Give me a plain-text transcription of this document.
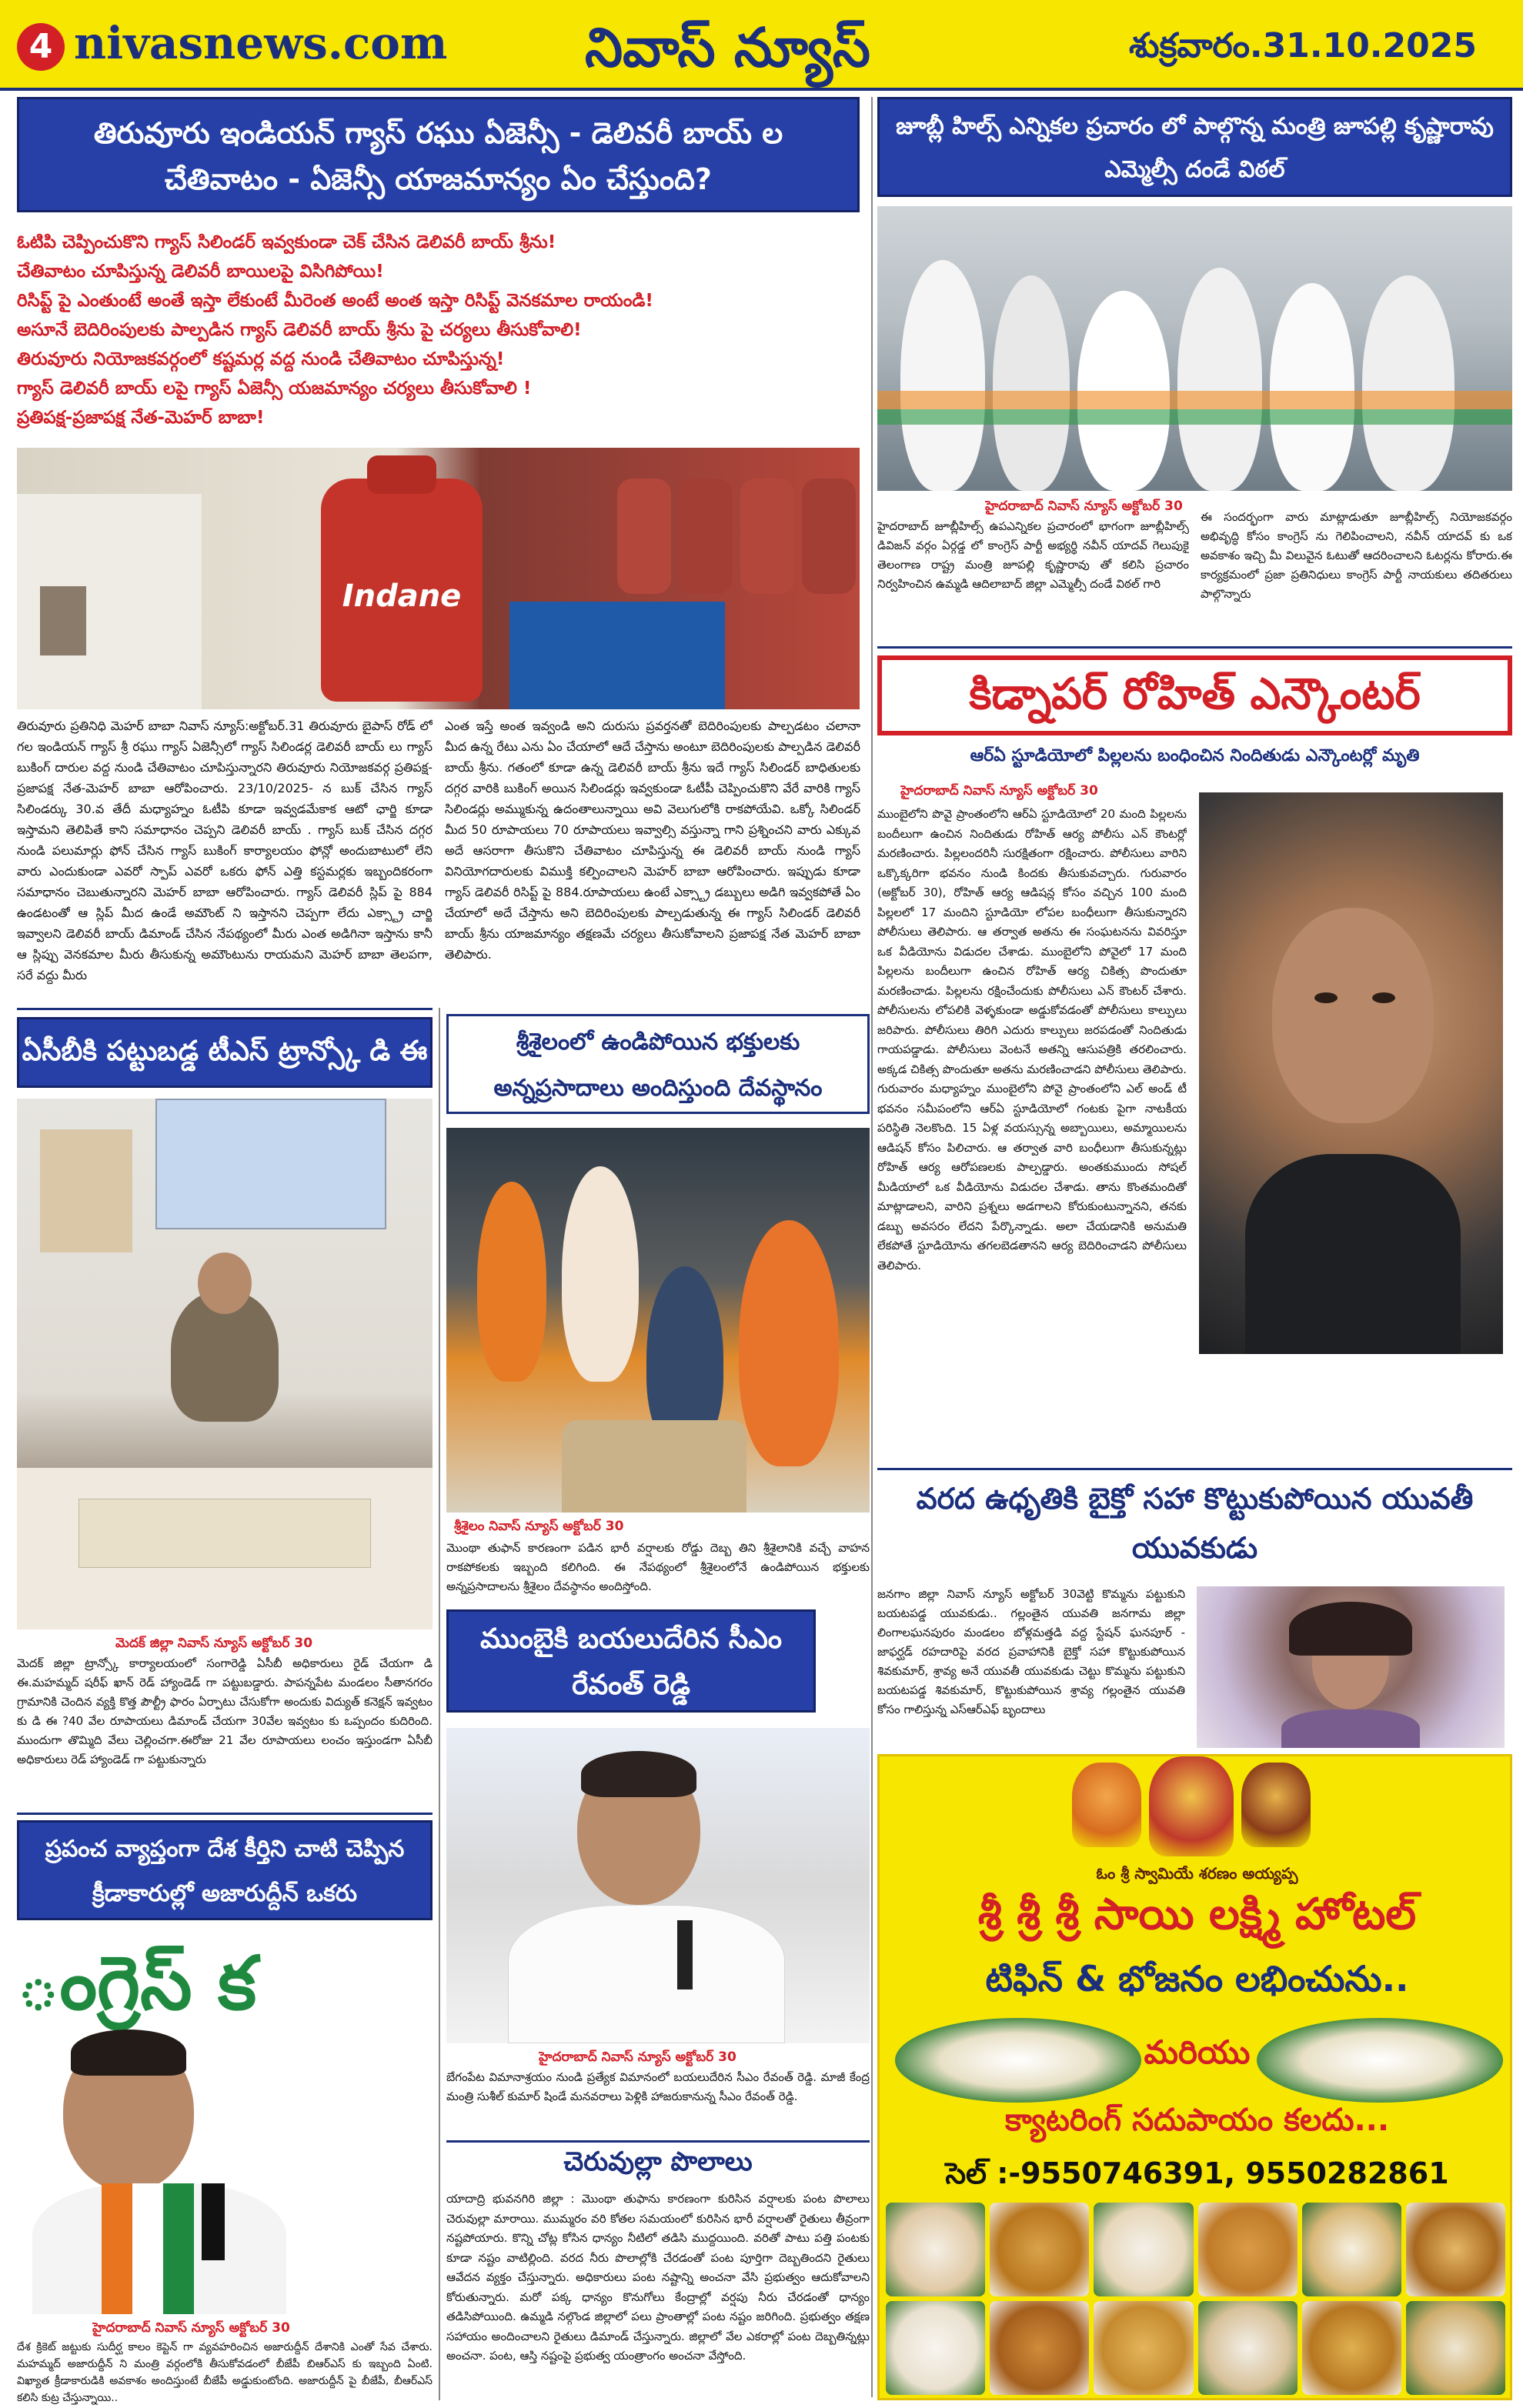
4 nivasnews.com	నివాస్ న్యూస్	శుక్రవారం.31.10.2025
తిరువూరు ఇండియన్ గ్యాస్ రఘు ఏజెన్సీ - డెలివరీ బాయ్ ల చేతివాటం - ఏజెన్సీ యాజమాన్యం ఏం చేస్తుంది?
ఓటిపి చెప్పించుకొని గ్యాస్ సిలిండర్ ఇవ్వకుండా చెక్ చేసిన డెలివరీ బాయ్ శ్రీను!
చేతివాటం చూపిస్తున్న డెలివరీ బాయిలపై విసిగిపోయి!
రిసిప్ట్ పై ఎంతుంటే అంతే ఇస్తా లేకుంటే మీరెంత అంటే అంత ఇస్తా రిసిప్ట్ వెనకమాల రాయండి!
అసూనే బెదిరింపులకు పాల్పడిన గ్యాస్ డెలివరీ బాయ్ శ్రీను పై చర్యలు తీసుకోవాలి!
తిరువూరు నియోజకవర్గంలో కష్టమర్ల వద్ద నుండి చేతివాటం చూపిస్తున్న!
గ్యాస్ డెలివరీ బాయ్ లపై గ్యాస్ ఏజెన్సీ యజమాన్యం చర్యలు తీసుకోవాలి !
ప్రతిపక్ష-ప్రజాపక్ష నేత-మెహర్ బాబా!
Indane
తిరువూరు ప్రతినిధి మెహర్ బాబా నివాస్ న్యూస్:అక్టోబర్.31 తిరువూరు బైపాస్ రోడ్ లో గల ఇండియన్ గ్యాస్ శ్రీ రఘు గ్యాస్ ఏజెన్సీలో గ్యాస్ సిలిండర్ల డెలివరీ బాయ్ లు గ్యాస్ బుకింగ్ దారుల వద్ద నుండి చేతివాటం చూపిస్తున్నారని తిరువూరు నియోజకవర్గ ప్రతిపక్ష-ప్రజాపక్ష నేత-మెహర్ బాబా ఆరోపించారు. 23/10/2025- న బుక్ చేసిన గ్యాస్ సిలిండర్కు 30.వ తేదీ మధ్యాహ్నం ఓటీపి కూడా ఇవ్వడమేకాక ఆటో ఛార్జి కూడా ఇస్తామని తెలిపితే కాని సమాధానం చెప్పని డెలివరీ బాయ్ . గ్యాస్ బుక్ చేసిన దగ్గర నుండి పలుమార్లు ఫోన్ చేసిన గ్యాస్ బుకింగ్ కార్యాలయం ఫోన్లో అందుబాటులో లేని వారు ఎందుకుండా ఎవరో స్పాప్ ఎవరో ఒకరు ఫోన్ ఎత్తి కస్టమర్లకు ఇబ్బందికరంగా సమాధానం చెబుతున్నారని మెహర్ బాబా ఆరోపించారు. గ్యాస్ డెలివరీ స్లిప్ పై 884 ఉండటంతో ఆ స్లిప్ మీద ఉండే అమౌంట్ ని ఇస్తానని చెప్పగా లేదు ఎక్స్ట్రా చార్జి ఇవ్వాలని డెలివరీ బాయ్ డిమాండ్ చేసిన నేపథ్యంలో మీరు ఎంత అడిగినా ఇస్తాను కానీ ఆ స్లిప్పు వెనకమాల మీరు తీసుకున్న అమౌంటును రాయమని మెహర్ బాబా తెలపగా, సరే వద్దు మీరు
ఎంత ఇస్తే అంత ఇవ్వండి అని దురుసు ప్రవర్తనతో బెదిరింపులకు పాల్పడటం చలానా మీద ఉన్న రేటు ఎను ఏం చేయాలో ఆదే చేస్తాను అంటూ బెదిరింపులకు పాల్పడిన డెలివరీ బాయ్ శ్రీను. గతంలో కూడా ఉన్న డెలివరీ బాయ్ శ్రీను ఇదే గ్యాస్ సిలిండర్ బాధితులకు దగ్గర వారికి బుకింగ్ అయిన సిలిండర్లు ఇవ్వకుండా ఓటీపీ చెప్పించుకొని వేరే వారికి గ్యాస్ సిలిండర్లు అమ్ముకున్న ఉదంతాలున్నాయి అవి వెలుగులోకి రాకపోయేవి. ఒక్కో సిలిండర్ మీద 50 రూపాయలు 70 రూపాయలు ఇవ్వాల్సి వస్తున్నా గాని ప్రశ్నించని వారు ఎక్కువ అదే ఆసరాగా తీసుకొని చేతివాటం చూపిస్తున్న ఈ డెలివరీ బాయ్ నుండి గ్యాస్ వినియోగదారులకు విముక్తి కల్పించాలని మెహర్ బాబా ఆరోపించారు. ఇప్పుడు కూడా గ్యాస్ డెలివరీ రిసిప్ట్ పై 884.రూపాయలు ఉంటే ఎక్స్ట్రా డబ్బులు అడిగి ఇవ్వకపోతే ఏం చేయాలో అదే చేస్తాను అని బెదిరింపులకు పాల్పడుతున్న ఈ గ్యాస్ సిలిండర్ డెలివరీ బాయ్ శ్రీను యాజమాన్యం తక్షణమే చర్యలు తీసుకోవాలని ప్రజాపక్ష నేత మెహర్ బాబా తెలిపారు.
జూబ్లీ హిల్స్ ఎన్నికల ప్రచారం లో పాల్గొన్న మంత్రి జూపల్లి కృష్ణారావు ఎమ్మెల్సీ దండే విఠల్
హైదరాబాద్ నివాస్ న్యూస్ అక్టోబర్ 30
హైదరాబాద్ జూబ్లీహిల్స్ ఉపఎన్నికల ప్రచారంలో భాగంగా జూబ్లీహిల్స్ డివిజన్ వర్గం ఏర్గడ్డ లో కాంగ్రెస్ పార్టీ అభ్యర్థి నవీన్ యాదవ్ గెలుపుకై తెలంగాణ రాష్ట్ర మంత్రి జూపల్లి కృష్ణారావు తో కలిసి ప్రచారం నిర్వహించిన ఉమ్మడి ఆదిలాబాద్ జిల్లా ఎమ్మెల్సీ దండే విఠల్ గారి
ఈ సందర్భంగా వారు మాట్లాడుతూ జూబ్లీహిల్స్ నియోజకవర్గం అభివృద్ధి కోసం కాంగ్రెస్ ను గెలిపించాలని, నవీన్ యాదవ్ కు ఒక అవకాశం ఇచ్చి మీ విలువైన ఓటుతో ఆదరించాలని ఓటర్లను కోరారు.ఈ కార్యక్రమంలో ప్రజా ప్రతినిధులు కాంగ్రెస్ పార్టీ నాయకులు తదితరులు పాల్గొన్నారు
కిడ్నాపర్ రోహిత్ ఎన్కౌంటర్
ఆర్ఏ స్టూడియోలో పిల్లలను బంధించిన నిందితుడు ఎన్కౌంటర్లో మృతి
హైదరాబాద్ నివాస్ న్యూస్ అక్టోబర్ 30
ముంబైలోని పొవై ప్రాంతంలోని ఆర్ఏ స్టూడియోలో 20 మంది పిల్లలను బందీలుగా ఉంచిన నిందితుడు రోహిత్ ఆర్య పోలీసు ఎన్ కౌంటర్లో మరణించారు. పిల్లలందరినీ సురక్షితంగా రక్షించారు. పోలీసులు వారిని ఒక్కొక్కరిగా భవనం నుండి కిందకు తీసుకువచ్చారు. గురువారం (అక్టోబర్ 30), రోహిత్ ఆర్య ఆడిషన్ల కోసం వచ్చిన 100 మంది పిల్లలలో 17 మందిని స్టూడియో లోపల బంధీలుగా తీసుకున్నారని పోలీసులు తెలిపారు. ఆ తర్వాత అతను ఈ సంఘటనను వివరిస్తూ ఒక వీడియోను విడుదల చేశాడు. ముంబైలోని పోవైలో 17 మంది పిల్లలను బందీలుగా ఉంచిన రోహిత్ ఆర్య చికిత్స పొందుతూ మరణించాడు. పిల్లలను రక్షించేందుకు పోలీసులు ఎన్ కౌంటర్ చేశారు. పోలీసులను లోపలికి వెళ్ళకుండా అడ్డుకోవడంతో పోలీసులు కాల్పులు జరిపారు. పోలీసులు తిరిగి ఎదురు కాల్పులు జరపడంతో నిందితుడు గాయపడ్డాడు. పోలీసులు వెంటనే అతన్ని ఆసుపత్రికి తరలించారు. అక్కడ చికిత్స పొందుతూ అతను మరణించాడని పోలీసులు తెలిపారు. గురువారం మధ్యాహ్నం ముంబైలోని పోవై ప్రాంతంలోని ఎల్ అండ్ టీ భవనం సమీపంలోని ఆర్ఏ స్టూడియోలో గంటకు పైగా నాటకీయ పరిస్థితి నెలకొంది. 15 ఏళ్ల వయస్సున్న అబ్బాయిలు, అమ్మాయిలను ఆడిషన్ కోసం పిలిచారు. ఆ తర్వాత వారి బంధీలుగా తీసుకున్నట్లు రోహిత్ ఆర్య ఆరోపణలకు పాల్పడ్డారు. అంతకుముందు సోషల్ మీడియాలో ఒక వీడియోను విడుదల చేశాడు. తాను కొంతమందితో మాట్లాడాలని, వారిని ప్రశ్నలు అడగాలని కోరుకుంటున్నానని, తనకు డబ్బు అవసరం లేదని పేర్కొన్నాడు. అలా చేయడానికి అనుమతి లేకపోతే స్టూడియోను తగలబెడతానని ఆర్య బెదిరించాడని పోలీసులు తెలిపారు.
వరద ఉధృతికి బైక్తో సహా కొట్టుకుపోయిన యువతీ యువకుడు
జనగాం జిల్లా నివాస్ న్యూస్ అక్టోబర్ 30వెట్టి కొమ్మను పట్టుకుని బయటపడ్డ యువకుడు.. గల్లంతైన యువతి జనగామ జిల్లా లింగాలఘనపురం మండలం బోళ్లమత్తడి వద్ద స్టేషన్ ఘనపూర్ - జాఫర్ఘడ్ రహదారిపై వరద ప్రవాహానికి బైక్తో సహా కొట్టుకుపోయిన శివకుమార్, శ్రావ్య అనే యువతీ యువకుడు చెట్టు కొమ్మను పట్టుకుని బయటపడ్డ శివకుమార్, కొట్టుకుపోయిన శ్రావ్య గల్లంతైన యువతి కోసం గాలిస్తున్న ఎస్ఆర్ఎఫ్ బృందాలు
ఏసీబీకి పట్టుబడ్డ టీఎస్ ట్రాన్స్కో డి ఈ
మెదక్ జిల్లా నివాస్ న్యూస్ అక్టోబర్ 30
మెదక్ జిల్లా ట్రాన్స్కో కార్యాలయంలో సంగారెడ్డి ఏసీబీ అధికారులు రైడ్ చేయగా డి ఈ.మహమ్మద్ షరీఫ్ ఖాన్ రెడ్ హ్యాండెడ్ గా పట్టుబడ్డారు. పాపన్నపేట మండలం సీతానగరం గ్రామానికి చెందిన వ్యక్తి కొత్త పౌల్ట్రీ ఫారం ఏర్పాటు చేసుకోగా అందుకు విద్యుత్ కనెక్షన్ ఇవ్వటం కు డి ఈ ?40 వేల రూపాయలు డిమాండ్ చేయగా 30వేల ఇవ్వటం కు ఒప్పందం కుదిరింది. ముందుగా తొమ్మిది వేలు చెల్లించగా.ఈరోజు 21 వేల రూపాయలు లంచం ఇస్తుండగా ఏసీబీ అధికారులు రెడ్ హ్యాండెడ్ గా పట్టుకున్నారు
శ్రీశైలంలో ఉండిపోయిన భక్తులకు అన్నప్రసాదాలు అందిస్తుంది దేవస్థానం
శ్రీశైలం నివాస్ న్యూస్ అక్టోబర్ 30
మొంథా తుఫాన్ కారణంగా పడిన భారీ వర్షాలకు రోడ్డు దెబ్బ తిని శ్రీశైలానికి వచ్చే వాహన రాకపోకలకు ఇబ్బంది కలిగింది. ఈ నేపథ్యంలో శ్రీశైలంలోనే ఉండిపోయిన భక్తులకు అన్నప్రసాదాలను శ్రీశైలం దేవస్థానం అందిస్తోంది.
ముంబైకి బయలుదేరిన సీఎం రేవంత్ రెడ్డి
హైదరాబాద్ నివాస్ న్యూస్ అక్టోబర్ 30
బేగంపేట విమానాశ్రయం నుండి ప్రత్యేక విమానంలో బయలుదేరిన సీఎం రేవంత్ రెడ్డి. మాజీ కేంద్ర మంత్రి సుశీల్ కుమార్ షిండే మనవరాలు పెళ్లికి హాజరుకానున్న సీఎం రేవంత్ రెడ్డి.
చెరువుల్లా పొలాలు
యాదాద్రి భువనగిరి జిల్లా : మొంథా తుఫాను కారణంగా కురిసిన వర్షాలకు పంట పొలాలు చెరువుల్లా మారాయి. ముమ్మరం వరి కోతల సమయంలో కురిసిన భారీ వర్షాలతో రైతులు తీవ్రంగా నష్టపోయారు. కొన్ని చోట్ల కోసిన ధాన్యం నీటిలో తడిసి ముద్దయింది. వరితో పాటు పత్తి పంటకు కూడా నష్టం వాటిల్లింది. వరద నీరు పొలాల్లోకి చేరడంతో పంట పూర్తిగా దెబ్బతిందని రైతులు ఆవేదన వ్యక్తం చేస్తున్నారు. అధికారులు పంట నష్టాన్ని అంచనా వేసి ప్రభుత్వం ఆదుకోవాలని కోరుతున్నారు. మరో పక్క ధాన్యం కొనుగోలు కేంద్రాల్లో వర్షపు నీరు చేరడంతో ధాన్యం తడిసిపోయింది. ఉమ్మడి నల్గొండ జిల్లాలో పలు ప్రాంతాల్లో పంట నష్టం జరిగింది. ప్రభుత్వం తక్షణ సహాయం అందించాలని రైతులు డిమాండ్ చేస్తున్నారు. జిల్లాలో వేల ఎకరాల్లో పంట దెబ్బతిన్నట్లు అంచనా. పంట, ఆస్తి నష్టంపై ప్రభుత్వ యంత్రాంగం అంచనా వేస్తోంది.
ప్రపంచ వ్యాప్తంగా దేశ కీర్తిని చాటి చెప్పిన క్రీడాకారుల్లో అజారుద్దీన్ ఒకరు
ంగ్రెస్ క
హైదరాబాద్ నివాస్ న్యూస్ అక్టోబర్ 30
దేశ క్రికెట్ జట్టుకు సుదీర్ఘ కాలం కెప్టెన్ గా వ్యవహరించిన అజారుద్దీన్ దేశానికి ఎంతో సేవ చేశారు. మహమ్మద్ అజారుద్దీన్ ని మంత్రి వర్గంలోకి తీసుకోవడంలో బీజేపీ బిఆర్ఎస్ కు ఇబ్బంది ఏంటి. విఖ్యాత క్రీడాకారుడికి అవకాశం అందిస్తుంటే బీజేపీ అడ్డుకుంటోంది. అజారుద్దీన్ పై బీజేపీ, బీఆర్ఎస్ కలిసి కుట్ర చేస్తున్నాయి..
ఓం శ్రీ స్వామియే శరణం అయ్యప్ప
శ్రీ శ్రీ శ్రీ సాయి లక్ష్మి హోటల్
టిఫిన్ & భోజనం లభించును..
మరియు
క్యాటరింగ్ సదుపాయం కలదు...
సెల్ :-9550746391, 9550282861
